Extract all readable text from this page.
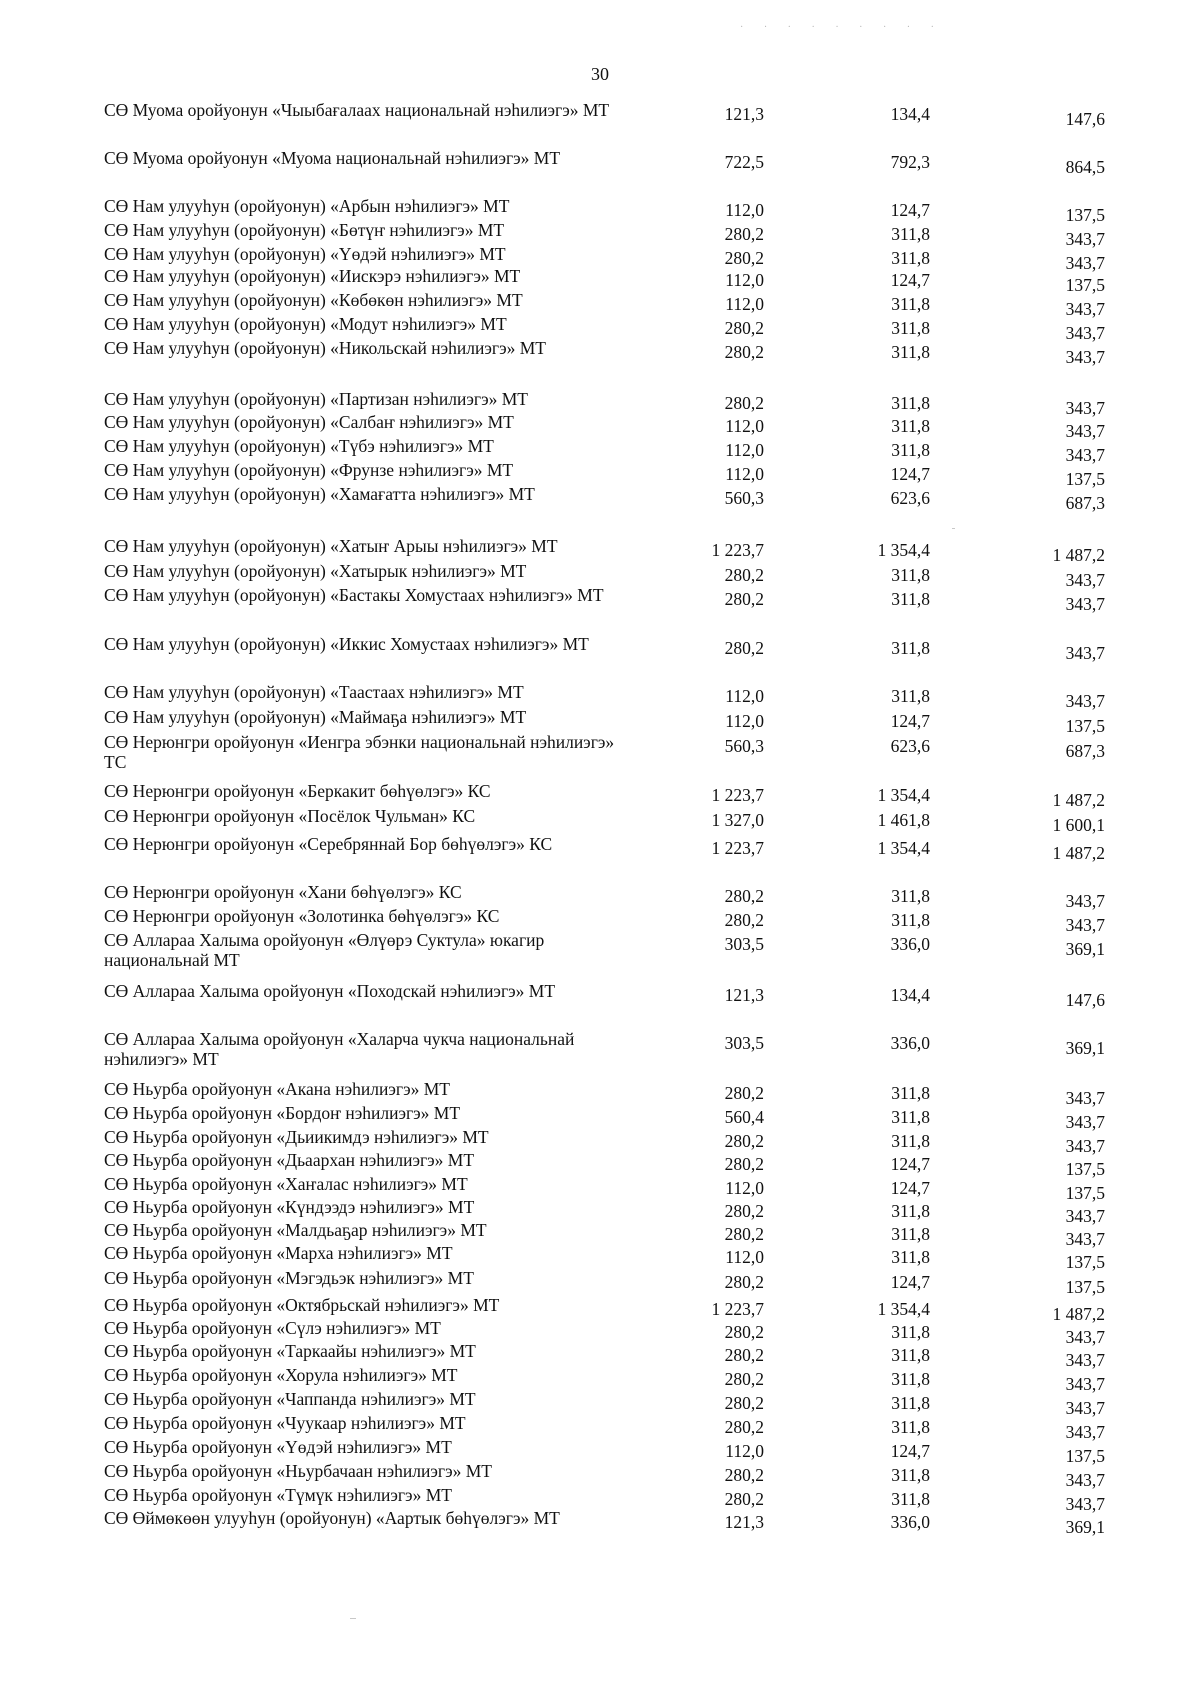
· · · · · · · · ·
30
СӨ Муома оройуонун «Чыыбағалаах национальнай нэһилиэгэ» МТ	121,3	134,4	147,6
СӨ Муома оройуонун «Муома национальнай нэһилиэгэ» МТ	722,5	792,3	864,5
СӨ Нам улууһун (оройуонун) «Арбын нэһилиэгэ» МТ	112,0	124,7	137,5
СӨ Нам улууһун (оройуонун) «Бөтүҥ нэһилиэгэ» МТ	280,2	311,8	343,7
СӨ Нам улууһун (оройуонун) «Үөдэй нэһилиэгэ» МТ	280,2	311,8	343,7
СӨ Нам улууһун (оройуонун) «Иискэрэ нэһилиэгэ» МТ	112,0	124,7	137,5
СӨ Нам улууһун (оройуонун) «Көбөкөн нэһилиэгэ» МТ	112,0	311,8	343,7
СӨ Нам улууһун (оройуонун) «Модут нэһилиэгэ» МТ	280,2	311,8	343,7
СӨ Нам улууһун (оройуонун) «Никольскай нэһилиэгэ» МТ	280,2	311,8	343,7
СӨ Нам улууһун (оройуонун) «Партизан нэһилиэгэ» МТ	280,2	311,8	343,7
СӨ Нам улууһун (оройуонун) «Салбаҥ нэһилиэгэ» МТ	112,0	311,8	343,7
СӨ Нам улууһун (оройуонун) «Түбэ нэһилиэгэ» МТ	112,0	311,8	343,7
СӨ Нам улууһун (оройуонун) «Фрунзе нэһилиэгэ» МТ	112,0	124,7	137,5
СӨ Нам улууһун (оройуонун) «Хамағатта нэһилиэгэ» МТ	560,3	623,6	687,3
СӨ Нам улууһун (оройуонун) «Хатыҥ Арыы нэһилиэгэ» МТ	1 223,7	1 354,4	1 487,2
СӨ Нам улууһун (оройуонун) «Хатырык нэһилиэгэ» МТ	280,2	311,8	343,7
СӨ Нам улууһун (оройуонун) «Бастакы Хомустаах нэһилиэгэ» МТ	280,2	311,8	343,7
СӨ Нам улууһун (оройуонун) «Иккис Хомустаах нэһилиэгэ» МТ	280,2	311,8	343,7
СӨ Нам улууһун (оройуонун) «Таастаах нэһилиэгэ» МТ	112,0	311,8	343,7
СӨ Нам улууһун (оройуонун) «Маймаҕа нэһилиэгэ» МТ	112,0	124,7	137,5
СӨ Нерюнгри оройуонун «Иенгра эбэнки национальнай нэһилиэгэ» ТС
560,3	623,6	687,3
СӨ Нерюнгри оройуонун «Беркакит бөһүөлэгэ» КС	1 223,7	1 354,4	1 487,2
СӨ Нерюнгри оройуонун «Посёлок Чульман» КС	1 327,0	1 461,8	1 600,1
СӨ Нерюнгри оройуонун «Серебряннай Бор бөһүөлэгэ» КС	1 223,7	1 354,4	1 487,2
СӨ Нерюнгри оройуонун «Хани бөһүөлэгэ» КС	280,2	311,8	343,7
СӨ Нерюнгри оройуонун «Золотинка бөһүөлэгэ» КС	280,2	311,8	343,7
СӨ Аллараа Халыма оройуонун «Өлүөрэ Суктула» юкагир национальнай МТ
303,5	336,0	369,1
СӨ Аллараа Халыма оройуонун «Походскай нэһилиэгэ» МТ	121,3	134,4	147,6
СӨ Аллараа Халыма оройуонун «Халарча чукча национальнай нэһилиэгэ» МТ
303,5	336,0	369,1
СӨ Ньурба оройуонун «Акана нэһилиэгэ» МТ	280,2	311,8	343,7
СӨ Ньурба оройуонун «Бордоҥ нэһилиэгэ» МТ	560,4	311,8	343,7
СӨ Ньурба оройуонун «Дьиикимдэ нэһилиэгэ» МТ	280,2	311,8	343,7
СӨ Ньурба оройуонун «Дьаархан нэһилиэгэ» МТ	280,2	124,7	137,5
СӨ Ньурба оройуонун «Хаҥалас нэһилиэгэ» МТ	112,0	124,7	137,5
СӨ Ньурба оройуонун «Күндээдэ нэһилиэгэ» МТ	280,2	311,8	343,7
СӨ Ньурба оройуонун «Малдьаҕар нэһилиэгэ» МТ	280,2	311,8	343,7
СӨ Ньурба оройуонун «Марха нэһилиэгэ» МТ	112,0	311,8	137,5
СӨ Ньурба оройуонун «Мэгэдьэк нэһилиэгэ» МТ	280,2	124,7	137,5
СӨ Ньурба оройуонун «Октябрьскай нэһилиэгэ» МТ	1 223,7	1 354,4	1 487,2
СӨ Ньурба оройуонун «Сүлэ нэһилиэгэ» МТ	280,2	311,8	343,7
СӨ Ньурба оройуонун «Таркаайы нэһилиэгэ» МТ	280,2	311,8	343,7
СӨ Ньурба оройуонун «Хорула нэһилиэгэ» МТ	280,2	311,8	343,7
СӨ Ньурба оройуонун «Чаппанда нэһилиэгэ» МТ	280,2	311,8	343,7
СӨ Ньурба оройуонун «Чуукаар нэһилиэгэ» МТ	280,2	311,8	343,7
СӨ Ньурба оройуонун «Үөдэй нэһилиэгэ» МТ	112,0	124,7	137,5
СӨ Ньурба оройуонун «Ньурбачаан нэһилиэгэ» МТ	280,2	311,8	343,7
СӨ Ньурба оройуонун «Түмүк нэһилиэгэ» МТ	280,2	311,8	343,7
СӨ Өймөкөөн улууһун (оройуонун) «Аартык бөһүөлэгэ» МТ	121,3	336,0	369,1
